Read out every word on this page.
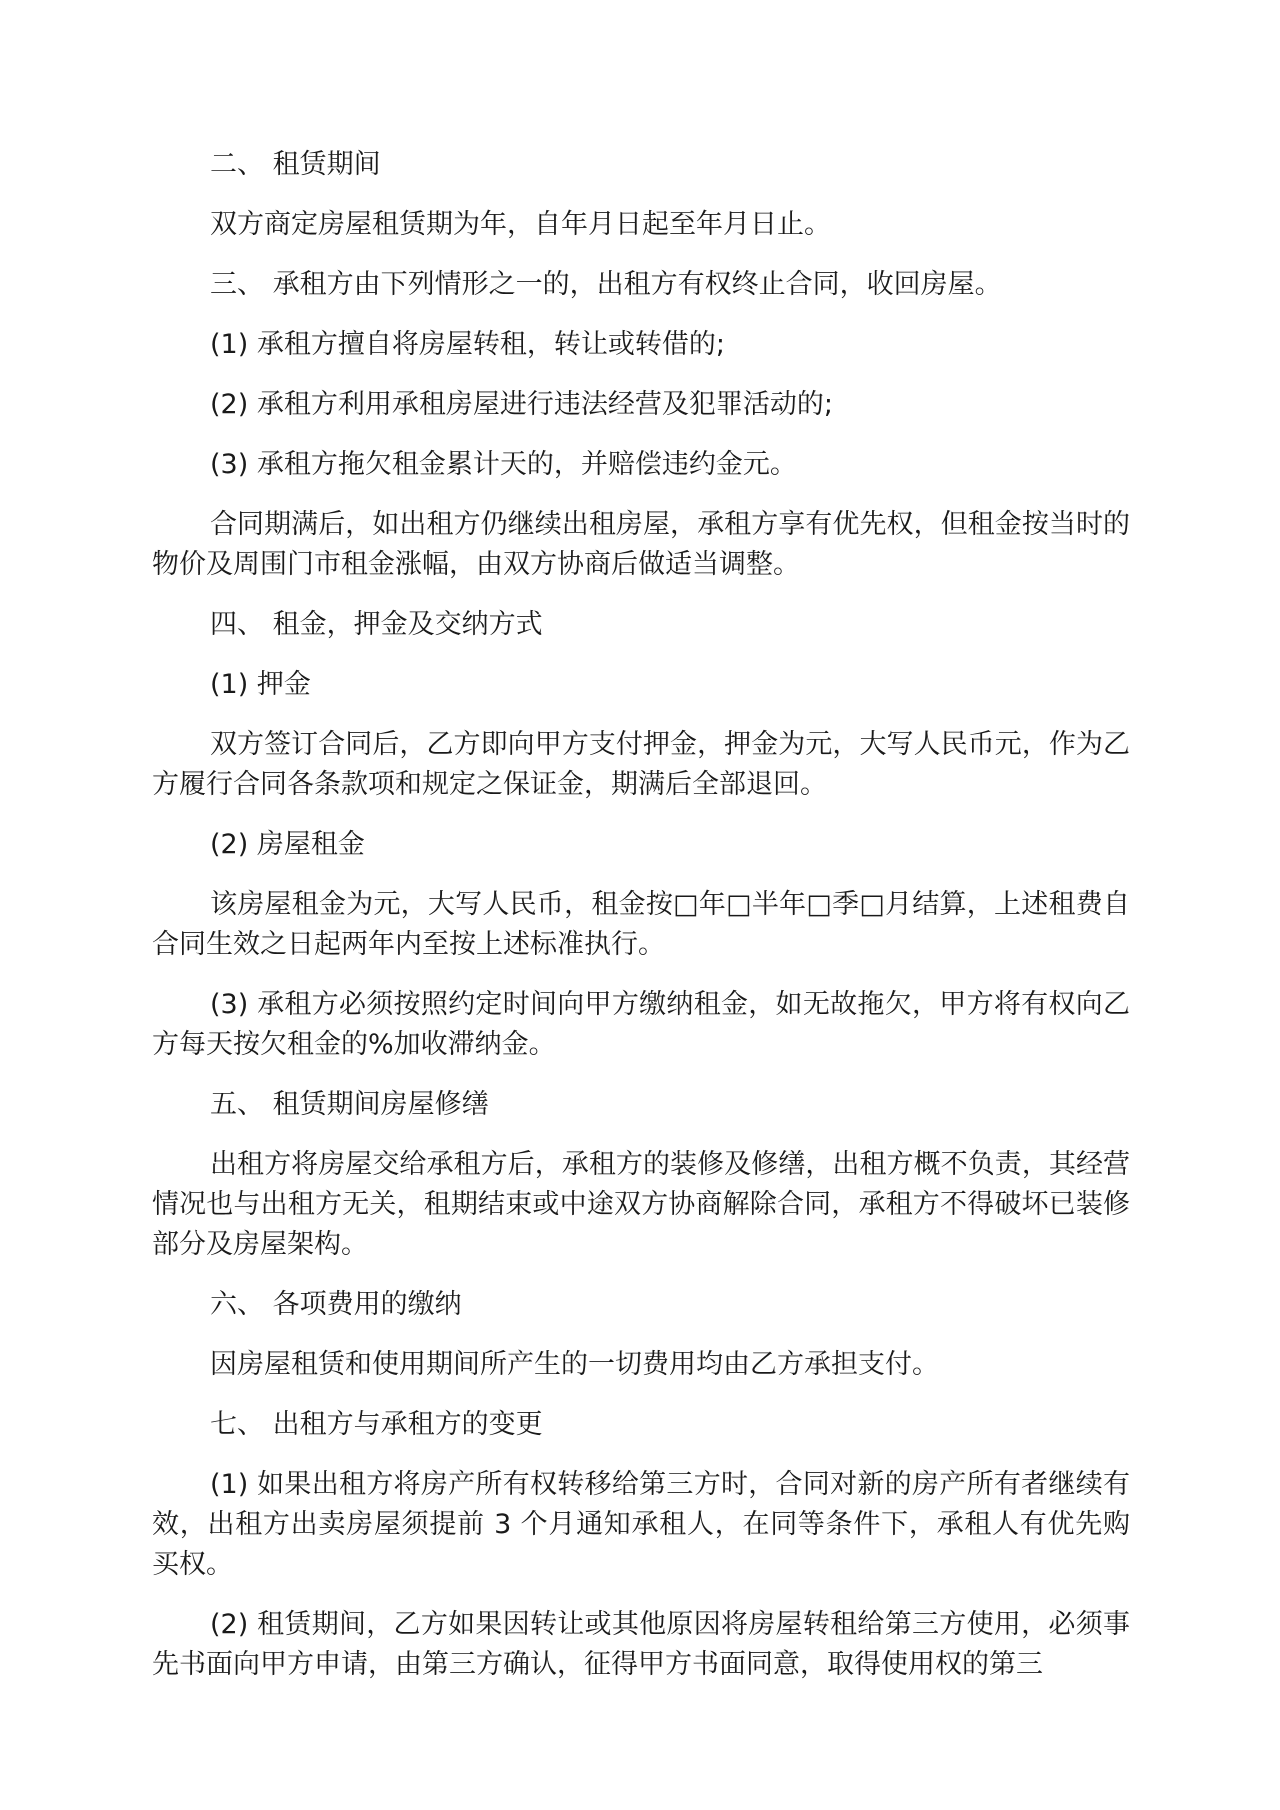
二、 租赁期间

双方商定房屋租赁期为年，自年月日起至年月日止。

三、 承租方由下列情形之一的，出租方有权终止合同，收回房屋。

(1) 承租方擅自将房屋转租，转让或转借的;

(2) 承租方利用承租房屋进行违法经营及犯罪活动的;

(3) 承租方拖欠租金累计天的，并赔偿违约金元。

合同期满后，如出租方仍继续出租房屋，承租方享有优先权，但租金按当时的物价及周围门市租金涨幅，由双方协商后做适当调整。

四、 租金，押金及交纳方式

(1) 押金

双方签订合同后，乙方即向甲方支付押金，押金为元，大写人民币元，作为乙方履行合同各条款项和规定之保证金，期满后全部退回。

(2) 房屋租金

该房屋租金为元，大写人民币，租金按□年□半年□季□月结算，上述租费自合同生效之日起两年内至按上述标准执行。

(3) 承租方必须按照约定时间向甲方缴纳租金，如无故拖欠，甲方将有权向乙方每天按欠租金的%加收滞纳金。

五、 租赁期间房屋修缮

出租方将房屋交给承租方后，承租方的装修及修缮，出租方概不负责，其经营情况也与出租方无关，租期结束或中途双方协商解除合同，承租方不得破坏已装修部分及房屋架构。

六、 各项费用的缴纳

因房屋租赁和使用期间所产生的一切费用均由乙方承担支付。

七、 出租方与承租方的变更

(1) 如果出租方将房产所有权转移给第三方时，合同对新的房产所有者继续有效，出租方出卖房屋须提前 3 个月通知承租人，在同等条件下，承租人有优先购买权。

(2) 租赁期间，乙方如果因转让或其他原因将房屋转租给第三方使用，必须事先书面向甲方申请，由第三方确认，征得甲方书面同意，取得使用权的第三
